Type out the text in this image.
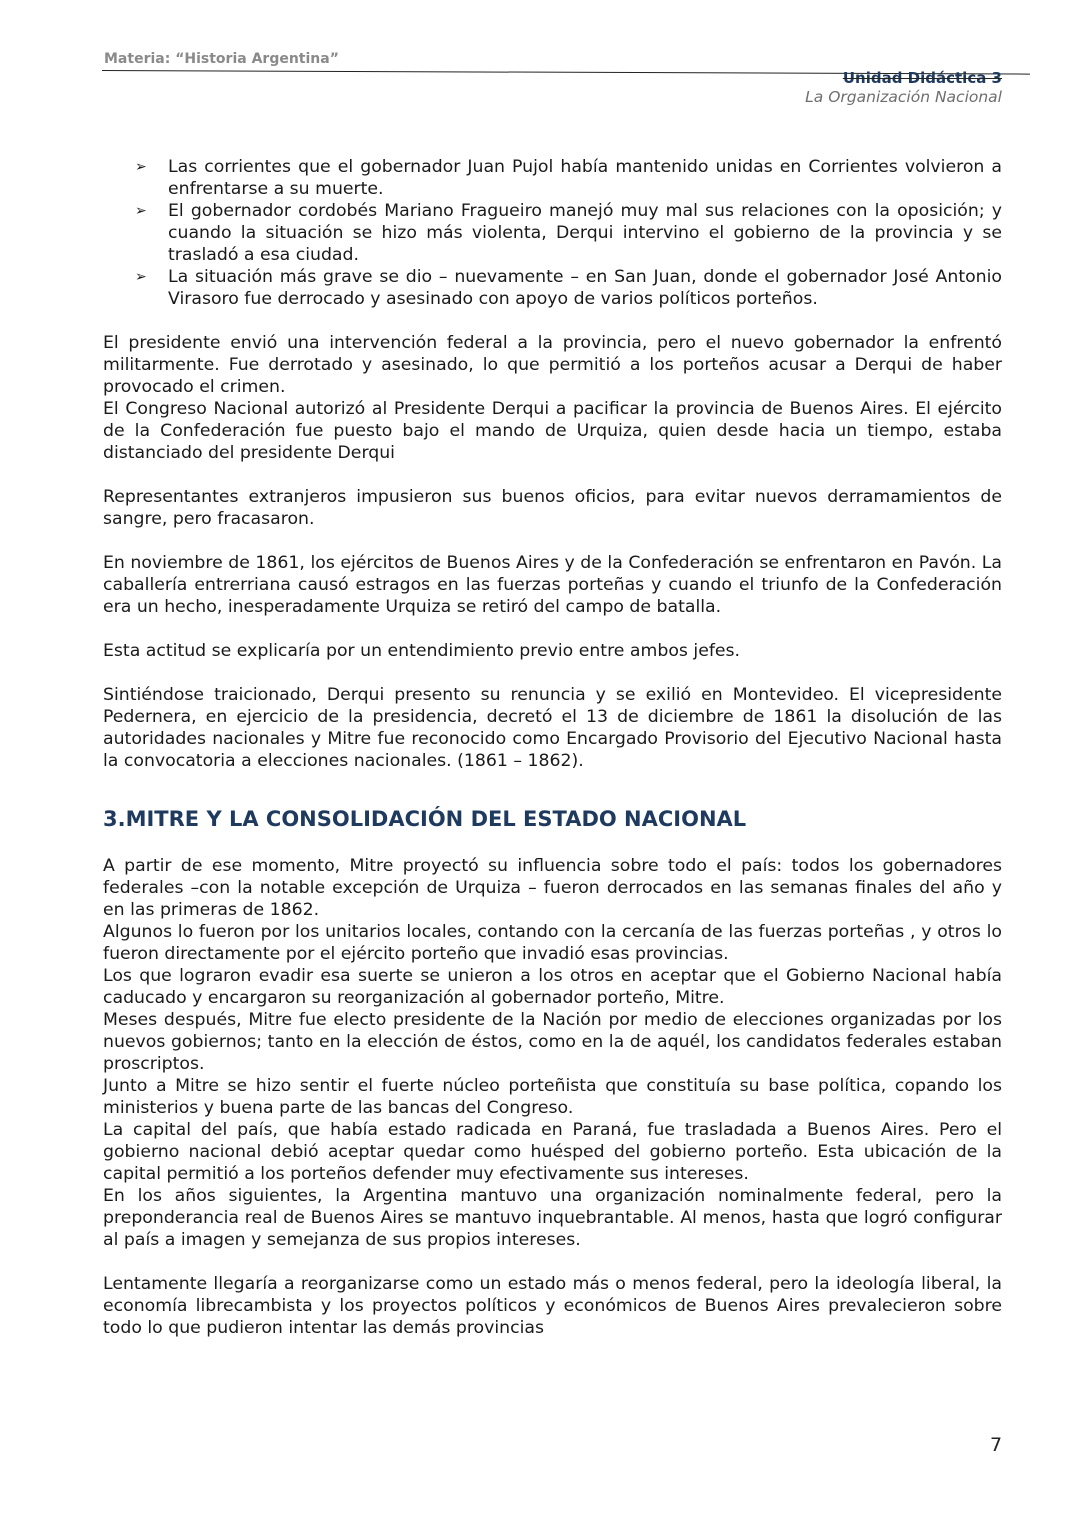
Materia: “Historia Argentina”
Unidad Didáctica 3
La Organización Nacional
➢ Las corrientes que el gobernador Juan Pujol había mantenido unidas en Corrientes volvieron a enfrentarse a su muerte.
➢ El gobernador cordobés Mariano Fragueiro manejó muy mal sus relaciones con la oposición; y cuando la situación se hizo más violenta, Derqui intervino el gobierno de la provincia y se trasladó a esa ciudad.
➢ La situación más grave se dio – nuevamente – en San Juan, donde el gobernador José Antonio Virasoro fue derrocado y asesinado con apoyo de varios políticos porteños.

El presidente envió una intervención federal a la provincia, pero el nuevo gobernador la enfrentó militarmente. Fue derrotado y asesinado, lo que permitió a los porteños acusar a Derqui de haber provocado el crimen.

El Congreso Nacional autorizó al Presidente Derqui a pacificar la provincia de Buenos Aires. El ejército de la Confederación fue puesto bajo el mando de Urquiza, quien desde hacia un tiempo, estaba distanciado del presidente Derqui

Representantes extranjeros impusieron sus buenos oficios, para evitar nuevos derramamientos de sangre, pero fracasaron.

En noviembre de 1861, los ejércitos de Buenos Aires y de la Confederación se enfrentaron en Pavón. La caballería entrerriana causó estragos en las fuerzas porteñas y cuando el triunfo de la Confederación era un hecho, inesperadamente Urquiza se retiró del campo de batalla.

Esta actitud se explicaría por un entendimiento previo entre ambos jefes.

Sintiéndose traicionado, Derqui presento su renuncia y se exilió en Montevideo. El vicepresidente Pedernera, en ejercicio de la presidencia, decretó el 13 de diciembre de 1861 la disolución de las autoridades nacionales y Mitre fue reconocido como Encargado Provisorio del Ejecutivo Nacional hasta la convocatoria a elecciones nacionales. (1861 – 1862).

3.MITRE Y LA CONSOLIDACIÓN DEL ESTADO NACIONAL

A partir de ese momento, Mitre proyectó su influencia sobre todo el país: todos los gobernadores federales –con la notable excepción de Urquiza – fueron derrocados en las semanas finales del año y en las primeras de 1862.

Algunos lo fueron por los unitarios locales, contando con la cercanía de las fuerzas porteñas , y otros lo fueron directamente por el ejército porteño que invadió esas provincias.

Los que lograron evadir esa suerte se unieron a los otros en aceptar que el Gobierno Nacional había caducado y encargaron su reorganización al gobernador porteño, Mitre.

Meses después, Mitre fue electo presidente de la Nación por medio de elecciones organizadas por los nuevos gobiernos; tanto en la elección de éstos, como en la de aquél, los candidatos federales estaban proscriptos.

Junto a Mitre se hizo sentir el fuerte núcleo porteñista que constituía su base política, copando los ministerios y buena parte de las bancas del Congreso.

La capital del país, que había estado radicada en Paraná, fue trasladada a Buenos Aires. Pero el gobierno nacional debió aceptar quedar como huésped del gobierno porteño. Esta ubicación de la capital permitió a los porteños defender muy efectivamente sus intereses.

En los años siguientes, la Argentina mantuvo una organización nominalmente federal, pero la preponderancia real de Buenos Aires se mantuvo inquebrantable. Al menos, hasta que logró configurar al país a imagen y semejanza de sus propios intereses.

Lentamente llegaría a reorganizarse como un estado más o menos federal, pero la ideología liberal, la economía librecambista y los proyectos políticos y económicos de Buenos Aires prevalecieron sobre todo lo que pudieron intentar las demás provincias

7
